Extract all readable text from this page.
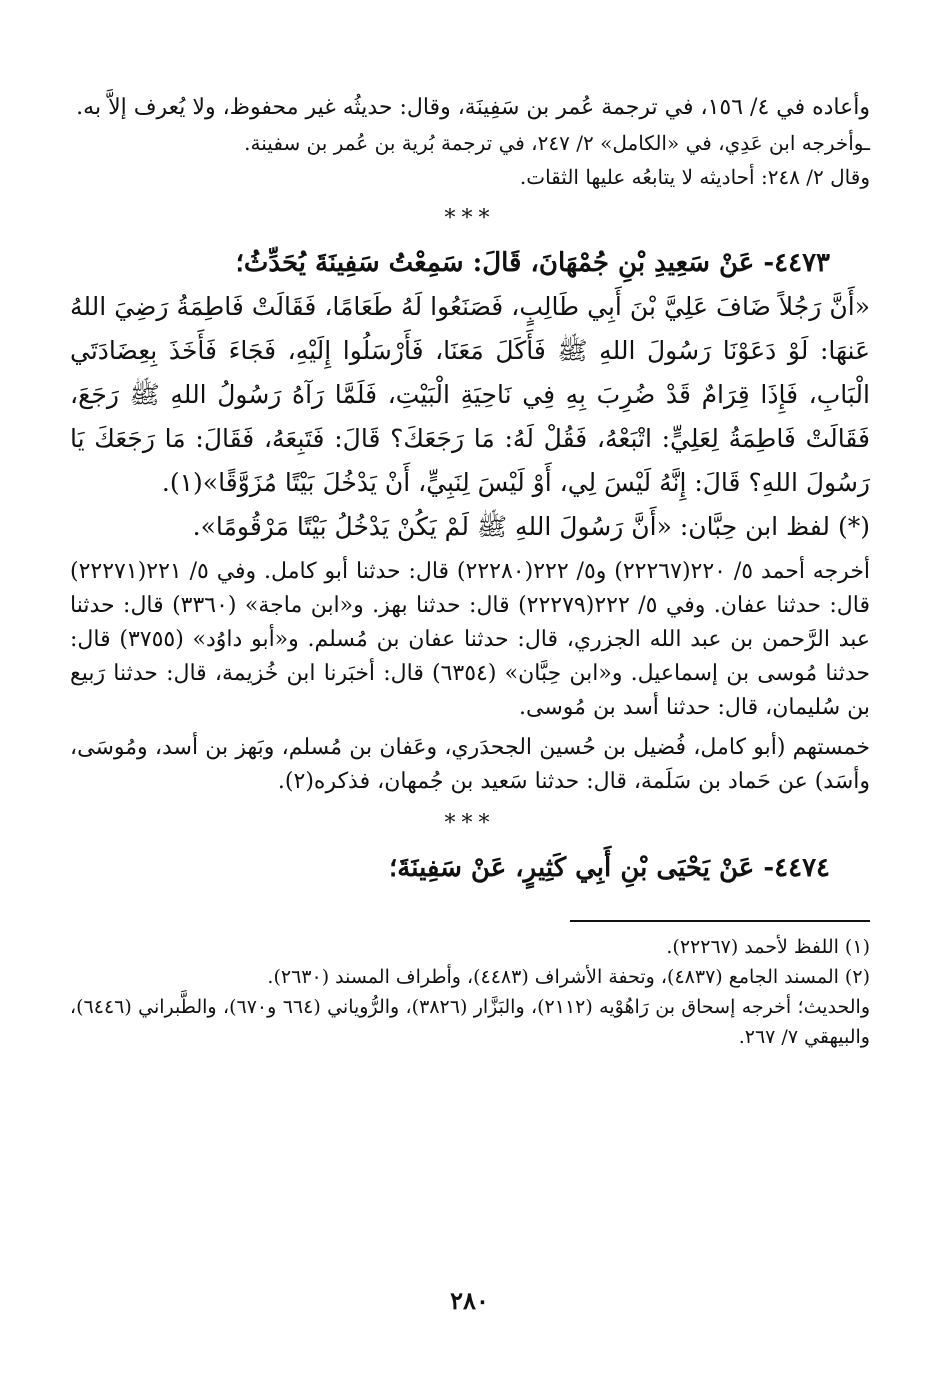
وأعاده في ٤/ ١٥٦، في ترجمة عُمر بن سَفِينَة، وقال: حديثُه غير محفوظ، ولا يُعرف إلاَّ به.

ـوأخرجه ابن عَدِي، في «الكامل» ٢/ ٢٤٧، في ترجمة بُرية بن عُمر بن سفينة.

وقال ٢/ ٢٤٨: أحاديثه لا يتابعُه عليها الثقات.

***

٤٤٧٣- عَنْ سَعِيدِ بْنِ جُمْهَانَ، قَالَ: سَمِعْتُ سَفِينَةَ يُحَدِّثُ؛

«أَنَّ رَجُلاً ضَافَ عَلِيَّ بْنَ أَبِي طَالِبٍ، فَصَنَعُوا لَهُ طَعَامًا، فَقَالَتْ فَاطِمَةُ رَضِيَ اللهُ عَنهَا: لَوْ دَعَوْنَا رَسُولَ اللهِ ﷺ فَأَكَلَ مَعَنَا، فَأَرْسَلُوا إِلَيْهِ، فَجَاءَ فَأَخَذَ بِعِضَادَتَي الْبَابِ، فَإِذَا قِرَامٌ قَدْ ضُرِبَ بِهِ فِي نَاحِيَةِ الْبَيْتِ، فَلَمَّا رَآهُ رَسُولُ اللهِ ﷺ رَجَعَ، فَقَالَتْ فَاطِمَةُ لِعَلِيٍّ: اتْبَعْهُ، فَقُلْ لَهُ: مَا رَجَعَكَ؟ قَالَ: فَتَبِعَهُ، فَقَالَ: مَا رَجَعَكَ يَا رَسُولَ اللهِ؟ قَالَ: إِنَّهُ لَيْسَ لِي، أَوْ لَيْسَ لِنَبِيٍّ، أَنْ يَدْخُلَ بَيْتًا مُزَوَّقًا»(١).

(*) لفظ ابن حِبَّان: «أَنَّ رَسُولَ اللهِ ﷺ لَمْ يَكُنْ يَدْخُلُ بَيْتًا مَرْقُومًا».

أخرجه أحمد ٥/ ٢٢٠(٢٢٢٦٧) و٥/ ٢٢٢(٢٢٢٨٠) قال: حدثنا أبو كامل. وفي ٥/ ٢٢١(٢٢٢٧١) قال: حدثنا عفان. وفي ٥/ ٢٢٢(٢٢٢٧٩) قال: حدثنا بهز. و«ابن ماجة» (٣٣٦٠) قال: حدثنا عبد الرَّحمن بن عبد الله الجزري، قال: حدثنا عفان بن مُسلم. و«أبو داوُد» (٣٧٥٥) قال: حدثنا مُوسى بن إسماعيل. و«ابن حِبَّان» (٦٣٥٤) قال: أخبَرنا ابن خُزيمة، قال: حدثنا رَبيع بن سُليمان، قال: حدثنا أسد بن مُوسى.

خمستهم (أبو كامل، فُضيل بن حُسين الجحدَري، وعَفان بن مُسلم، وبَهز بن أسد، ومُوسَى، وأسَد) عن حَماد بن سَلَمة، قال: حدثنا سَعيد بن جُمهان، فذكره(٢).

***

٤٤٧٤- عَنْ يَحْيَى بْنِ أَبِي كَثِيرٍ، عَنْ سَفِينَةَ؛

(١) اللفظ لأحمد (٢٢٢٦٧).

(٢) المسند الجامع (٤٨٣٧)، وتحفة الأشراف (٤٤٨٣)، وأطراف المسند (٢٦٣٠).

والحديث؛ أخرجه إسحاق بن رَاهُوْيه (٢١١٢)، والبَزَّار (٣٨٢٦)، والرُّوياني (٦٦٤ و٦٧٠)، والطَّبراني (٦٤٤٦)، والبيهقي ٧/ ٢٦٧.

٢٨٠
